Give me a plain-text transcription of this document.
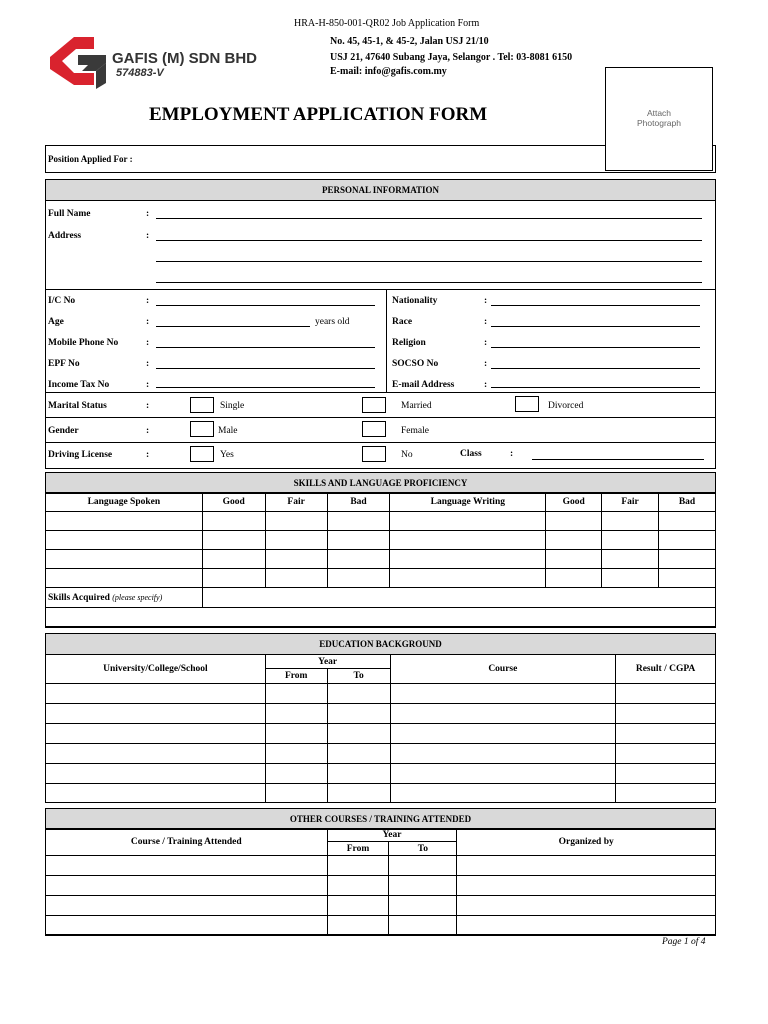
HRA-H-850-001-QR02 Job Application Form
GAFIS (M) SDN BHD
574883-V
No. 45, 45-1, & 45-2, Jalan USJ 21/10
USJ 21, 47640 Subang Jaya, Selangor . Tel: 03-8081 6150
E-mail: info@gafis.com.my
EMPLOYMENT APPLICATION FORM
Position Applied For :
Attach
Photograph
PERSONAL INFORMATION
Full Name	:
Address	:
I/C No	:
Age	:	years old
Mobile Phone No	:
EPF No	:
Income Tax No	:
Nationality	:
Race	:
Religion	:
SOCSO No	:
E-mail Address	:
Marital Status	:	Single	Married	Divorced
Gender	:	Male	Female
Driving License	:	Yes	No	Class	:
SKILLS AND LANGUAGE PROFICIENCY
Language Spoken	Good	Fair	Bad	Language Writing	Good	Fair	Bad

Skills Acquired (please specify)							

EDUCATION BACKGROUND
University/College/School	Year		Course	Result / CGPA
	From	To		

OTHER COURSES / TRAINING ATTENDED
Course / Training Attended	Year		Organized by
	From	To	

Page 1 of 4
